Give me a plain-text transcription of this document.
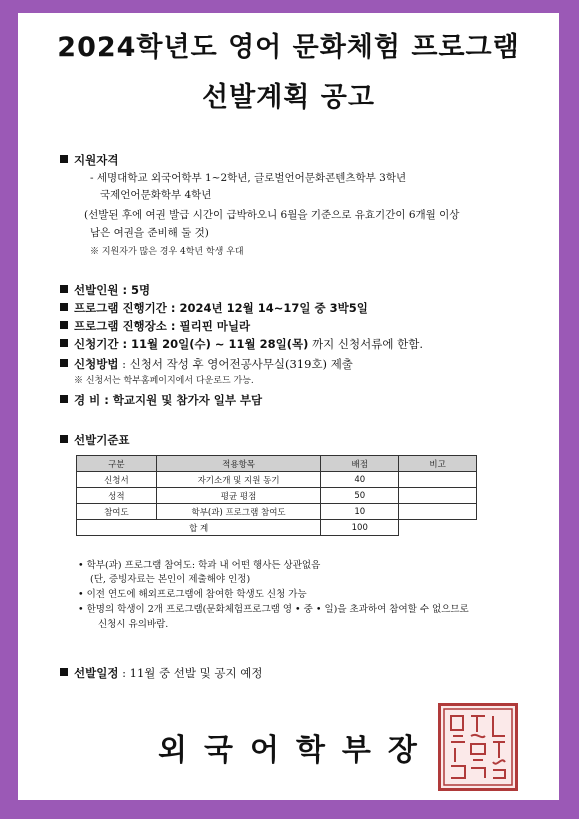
2024학년도 영어 문화체험 프로그램
선발계획 공고
지원자격
- 세명대학교 외국어학부 1~2학년, 글로벌언어문화콘텐츠학부 3학년
국제언어문화학부 4학년
(선발된 후에 여권 발급 시간이 급박하오니 6월을 기준으로 유효기간이 6개월 이상
남은 여권을 준비해 둘 것)
※ 지원자가 많은 경우 4학년 학생 우대
선발인원 : 5명
프로그램 진행기간 : 2024년 12월 14~17일 중 3박5일
프로그램 진행장소 : 필리핀 마닐라
신청기간 : 11월 20일(수) ~ 11월 28일(목) 까지 신청서류에 한함.
신청방법 : 신청서 작성 후 영어전공사무실(319호) 제출
※ 신청서는 학부홈페이지에서 다운로드 가능.
경 비 : 학교지원 및 참가자 일부 부담
선발기준표
구분	적용항목	배점	비고
신청서	자기소개 및 지원 동기	40	
성적	평균 평점	50	
참여도	학부(과) 프로그램 참여도	10	
합 계		100	
• 학부(과) 프로그램 참여도: 학과 내 어떤 행사든 상관없음
(단, 증빙자료는 본인이 제출해야 인정)
• 이전 연도에 해외프로그램에 참여한 학생도 신청 가능
• 한명의 학생이 2개 프로그램(문화체험프로그램 영 • 중 • 일)을 초과하여 참여할 수 없으므로
신청시 유의바람.
선발일정 : 11월 중 선발 및 공지 예정
외국어학부장
